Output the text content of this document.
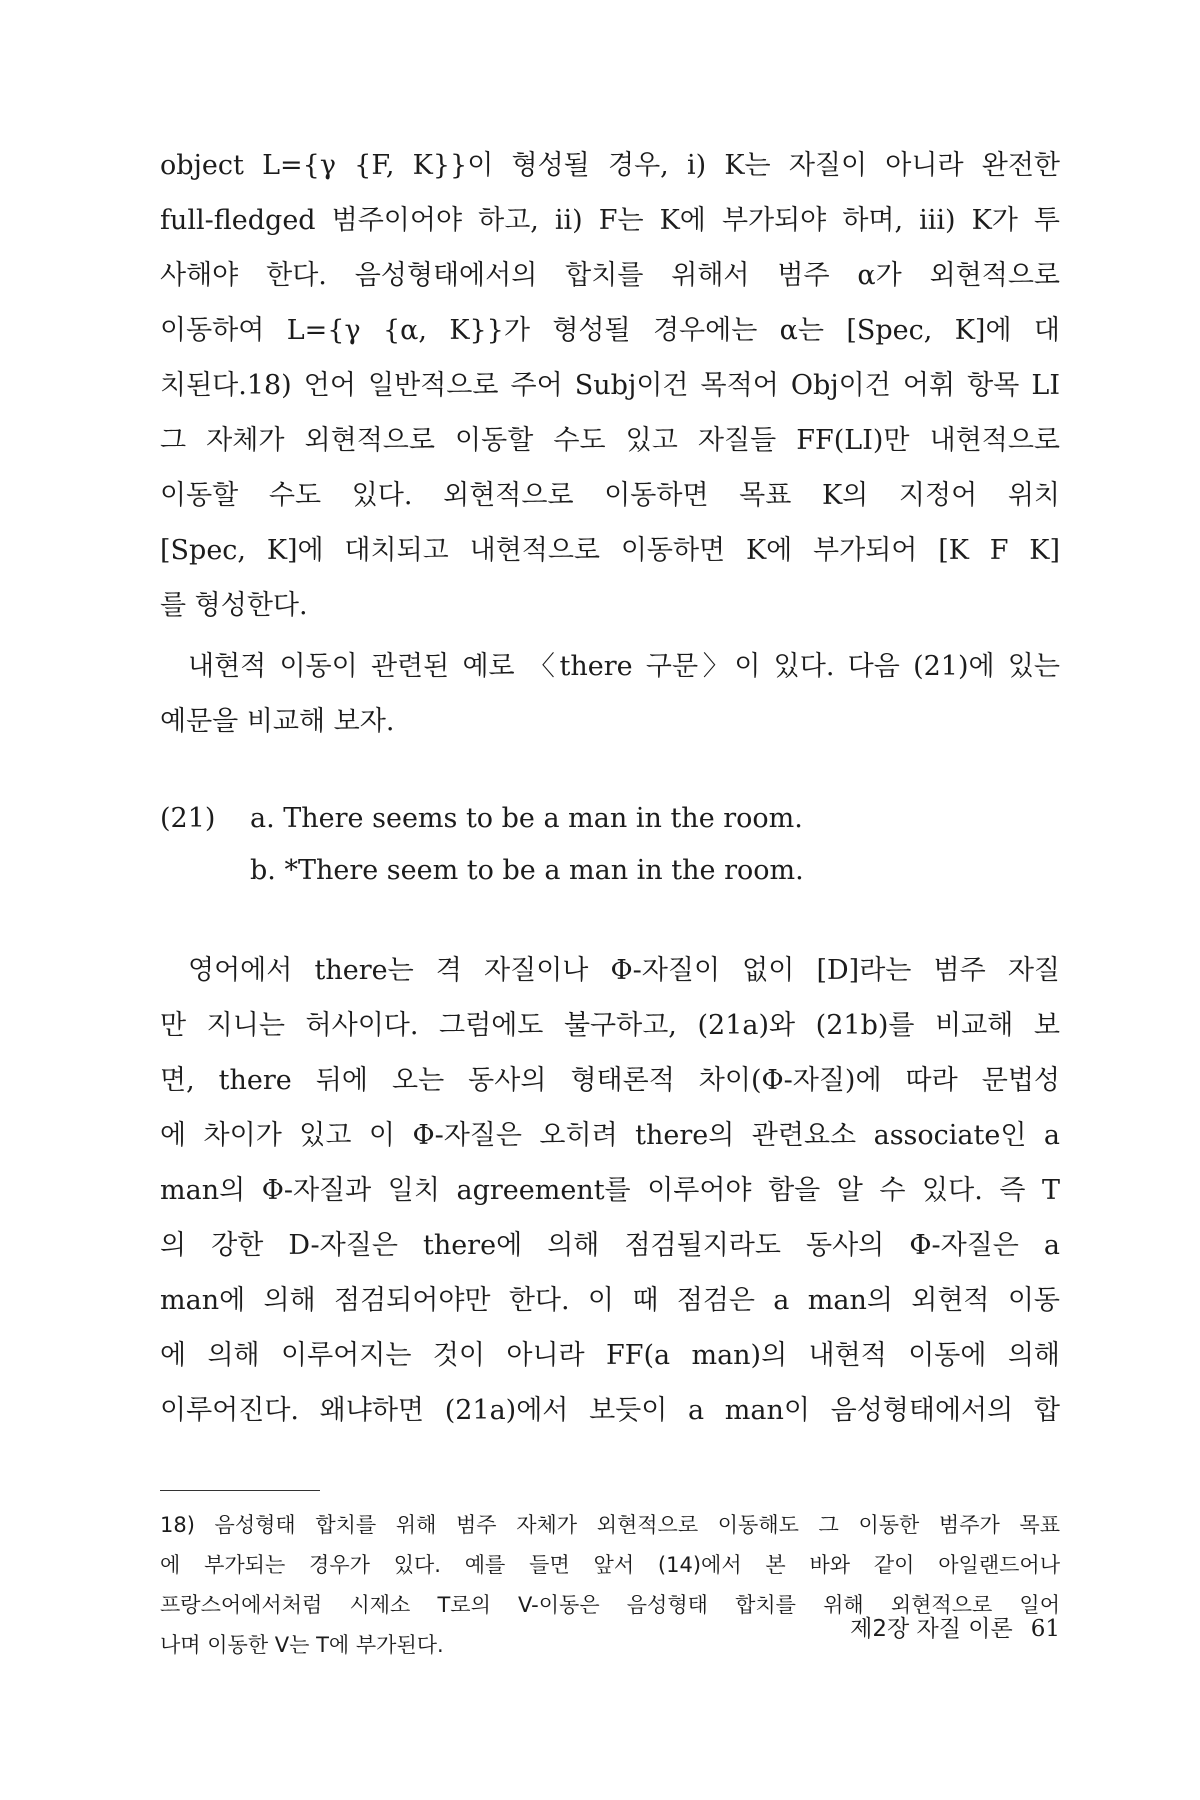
object L={γ {F, K}}이 형성될 경우, i) K는 자질이 아니라 완전한
full-fledged 범주이어야 하고, ii) F는 K에 부가되야 하며, iii) K가 투
사해야 한다. 음성형태에서의 합치를 위해서 범주 α가 외현적으로
이동하여 L={γ {α, K}}가 형성될 경우에는 α는 [Spec, K]에 대
치된다.18) 언어 일반적으로 주어 Subj이건 목적어 Obj이건 어휘 항목 LI
그 자체가 외현적으로 이동할 수도 있고 자질들 FF(LI)만 내현적으로
이동할 수도 있다. 외현적으로 이동하면 목표 K의 지정어 위치
[Spec, K]에 대치되고 내현적으로 이동하면 K에 부가되어 [K F K]
를 형성한다.

내현적 이동이 관련된 예로 〈there 구문〉이 있다. 다음 (21)에 있는
예문을 비교해 보자.

(21)	a. There seems to be a man in the room.
b. *There seem to be a man in the room.

영어에서 there는 격 자질이나 Φ-자질이 없이 [D]라는 범주 자질
만 지니는 허사이다. 그럼에도 불구하고, (21a)와 (21b)를 비교해 보
면, there 뒤에 오는 동사의 형태론적 차이(Φ-자질)에 따라 문법성
에 차이가 있고 이 Φ-자질은 오히려 there의 관련요소 associate인 a
man의 Φ-자질과 일치 agreement를 이루어야 함을 알 수 있다. 즉 T
의 강한 D-자질은 there에 의해 점검될지라도 동사의 Φ-자질은 a
man에 의해 점검되어야만 한다. 이 때 점검은 a man의 외현적 이동
에 의해 이루어지는 것이 아니라 FF(a man)의 내현적 이동에 의해
이루어진다. 왜냐하면 (21a)에서 보듯이 a man이 음성형태에서의 합

18) 음성형태 합치를 위해 범주 자체가 외현적으로 이동해도 그 이동한 범주가 목표
에 부가되는 경우가 있다. 예를 들면 앞서 (14)에서 본 바와 같이 아일랜드어나
프랑스어에서처럼 시제소 T로의 V-이동은 음성형태 합치를 위해 외현적으로 일어
나며 이동한 V는 T에 부가된다.
제2장 자질 이론 61
